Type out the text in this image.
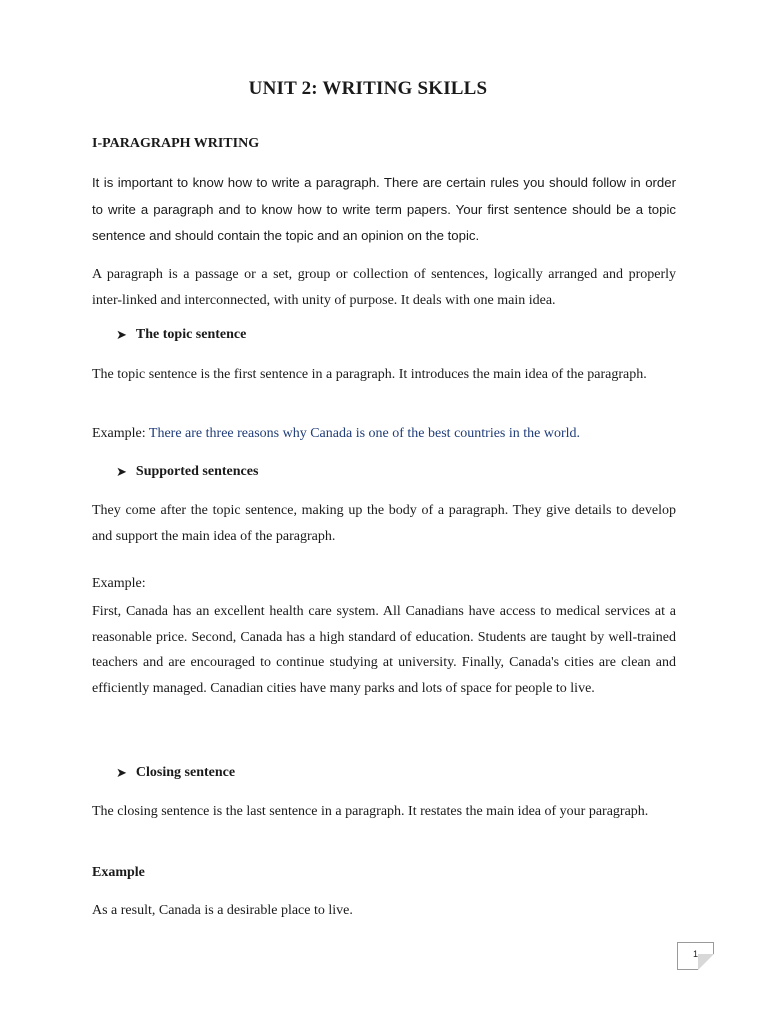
UNIT 2: WRITING SKILLS
I-PARAGRAPH WRITING

It is important to know how to write a paragraph. There are certain rules you should follow in order to write a paragraph and to know how to write term papers. Your first sentence should be a topic sentence and should contain the topic and an opinion on the topic.

A paragraph is a passage or a set, group or collection of sentences, logically arranged and properly inter-linked and interconnected, with unity of purpose. It deals with one main idea.

➤ The topic sentence

The topic sentence is the first sentence in a paragraph. It introduces the main idea of the paragraph.

Example: There are three reasons why Canada is one of the best countries in the world.
➤ Supported sentences

They come after the topic sentence, making up the body of a paragraph. They give details to develop and support the main idea of the paragraph.

Example:

First, Canada has an excellent health care system. All Canadians have access to medical services at a reasonable price. Second, Canada has a high standard of education. Students are taught by well-trained teachers and are encouraged to continue studying at university. Finally, Canada's cities are clean and efficiently managed. Canadian cities have many parks and lots of space for people to live.

➤ Closing sentence

The closing sentence is the last sentence in a paragraph. It restates the main idea of your paragraph.

Example
As a result, Canada is a desirable place to live.
1
